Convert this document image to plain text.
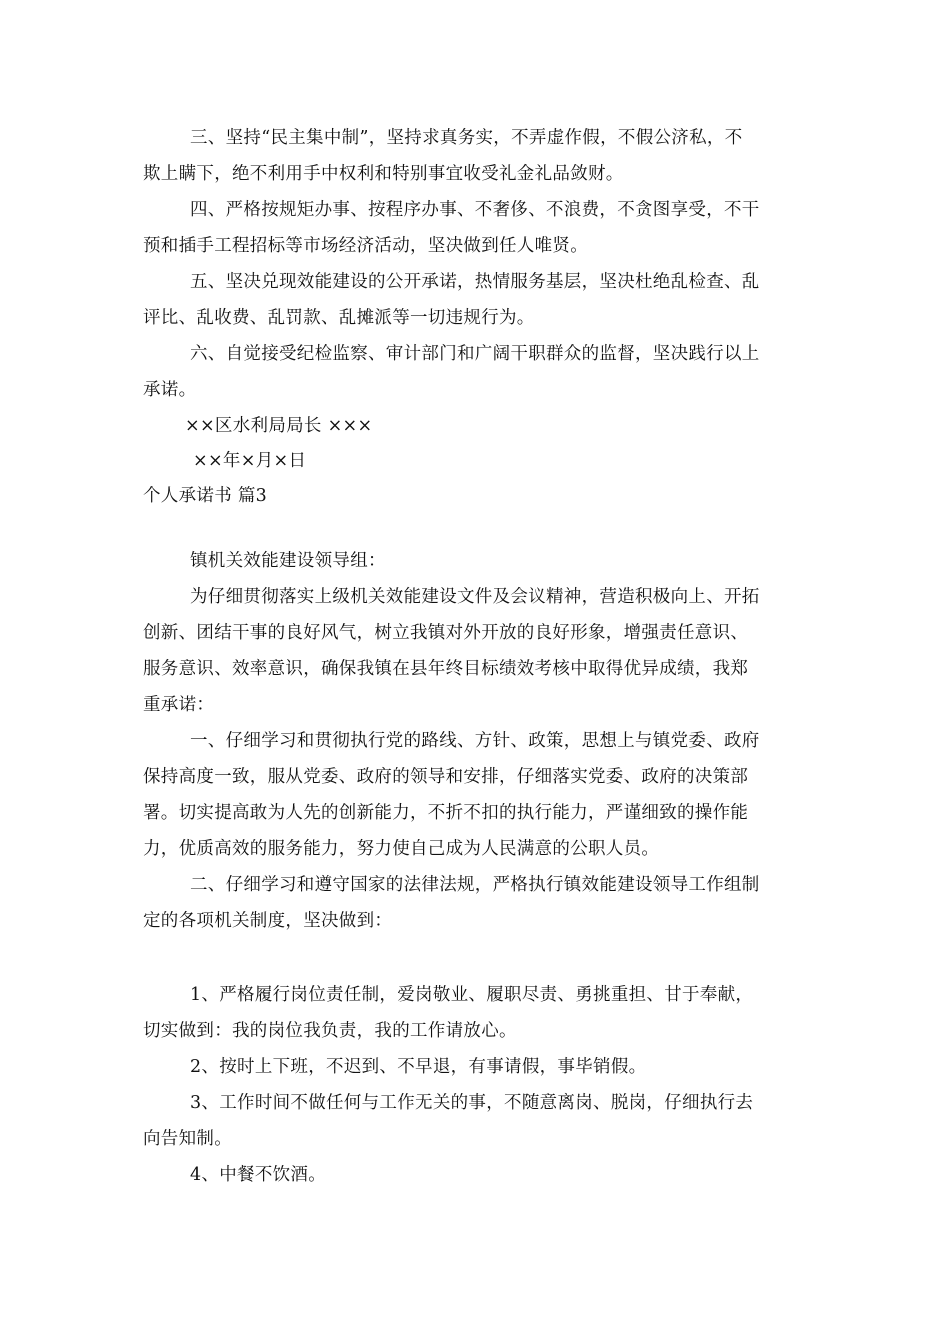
三、坚持“民主集中制”，坚持求真务实，不弄虚作假，不假公济私，不
欺上瞒下，绝不利用手中权利和特别事宜收受礼金礼品敛财。
四、严格按规矩办事、按程序办事、不奢侈、不浪费，不贪图享受，不干
预和插手工程招标等市场经济活动，坚决做到任人唯贤。
五、坚决兑现效能建设的公开承诺，热情服务基层，坚决杜绝乱检查、乱
评比、乱收费、乱罚款、乱摊派等一切违规行为。
六、自觉接受纪检监察、审计部门和广阔干职群众的监督，坚决践行以上
承诺。
××区水利局局长 ×××
××年×月×日
个人承诺书 篇3
镇机关效能建设领导组：
为仔细贯彻落实上级机关效能建设文件及会议精神，营造积极向上、开拓
创新、团结干事的良好风气，树立我镇对外开放的良好形象，增强责任意识、
服务意识、效率意识，确保我镇在县年终目标绩效考核中取得优异成绩，我郑
重承诺：
一、仔细学习和贯彻执行党的路线、方针、政策，思想上与镇党委、政府
保持高度一致，服从党委、政府的领导和安排，仔细落实党委、政府的决策部
署。切实提高敢为人先的创新能力，不折不扣的执行能力，严谨细致的操作能
力，优质高效的服务能力，努力使自己成为人民满意的公职人员。
二、仔细学习和遵守国家的法律法规，严格执行镇效能建设领导工作组制
定的各项机关制度，坚决做到：
1、严格履行岗位责任制，爱岗敬业、履职尽责、勇挑重担、甘于奉献，
切实做到：我的岗位我负责，我的工作请放心。
2、按时上下班，不迟到、不早退，有事请假，事毕销假。
3、工作时间不做任何与工作无关的事，不随意离岗、脱岗，仔细执行去
向告知制。
4、中餐不饮酒。
